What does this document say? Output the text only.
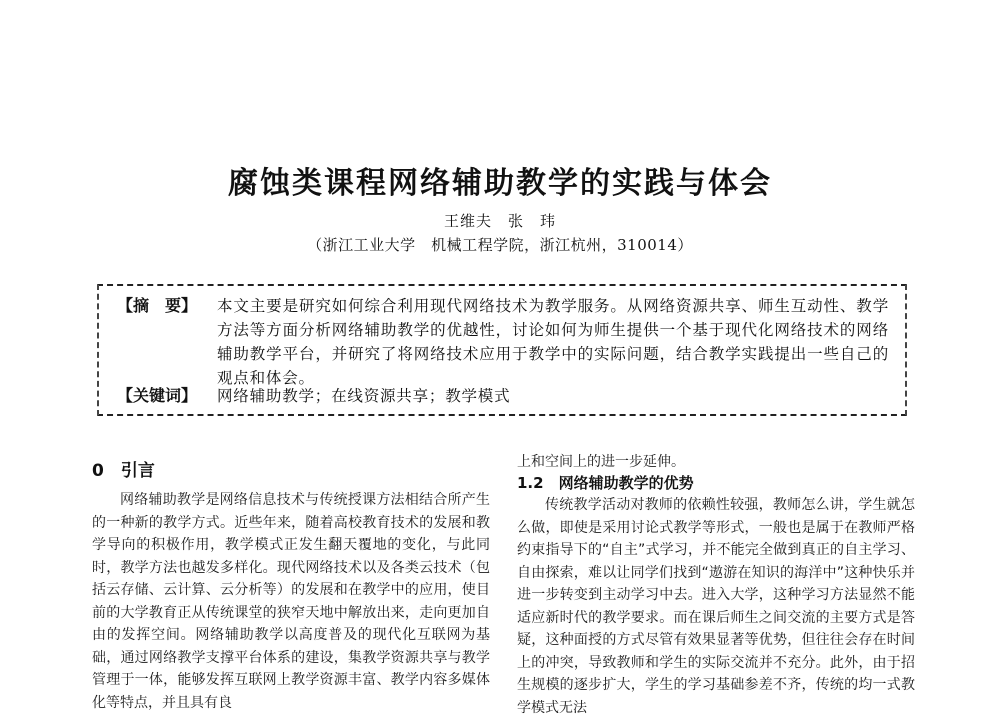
腐蚀类课程网络辅助教学的实践与体会
王维夫　张　玮
（浙江工业大学　机械工程学院，浙江杭州，310014）
【摘　要】	本文主要是研究如何综合利用现代网络技术为教学服务。从网络资源共享、师生互动性、教学方法等方面分析网络辅助教学的优越性，讨论如何为师生提供一个基于现代化网络技术的网络辅助教学平台，并研究了将网络技术应用于教学中的实际问题，结合教学实践提出一些自己的观点和体会。
【关键词】	网络辅助教学；在线资源共享；教学模式
0　引言

网络辅助教学是网络信息技术与传统授课方法相结合所产生的一种新的教学方式。近些年来，随着高校教育技术的发展和教学导向的积极作用，教学模式正发生翻天覆地的变化，与此同时，教学方法也越发多样化。现代网络技术以及各类云技术（包括云存储、云计算、云分析等）的发展和在教学中的应用，使目前的大学教育正从传统课堂的狭窄天地中解放出来，走向更加自由的发挥空间。网络辅助教学以高度普及的现代化互联网为基础，通过网络教学支撑平台体系的建设，集教学资源共享与教学管理于一体，能够发挥互联网上教学资源丰富、教学内容多媒体化等特点，并且具有良

上和空间上的进一步延伸。
1.2　网络辅助教学的优势

传统教学活动对教师的依赖性较强，教师怎么讲，学生就怎么做，即使是采用讨论式教学等形式，一般也是属于在教师严格约束指导下的“自主”式学习，并不能完全做到真正的自主学习、自由探索，难以让同学们找到“遨游在知识的海洋中”这种快乐并进一步转变到主动学习中去。进入大学，这种学习方法显然不能适应新时代的教学要求。而在课后师生之间交流的主要方式是答疑，这种面授的方式尽管有效果显著等优势，但往往会存在时间上的冲突，导致教师和学生的实际交流并不充分。此外，由于招生规模的逐步扩大，学生的学习基础参差不齐，传统的均一式教学模式无法
